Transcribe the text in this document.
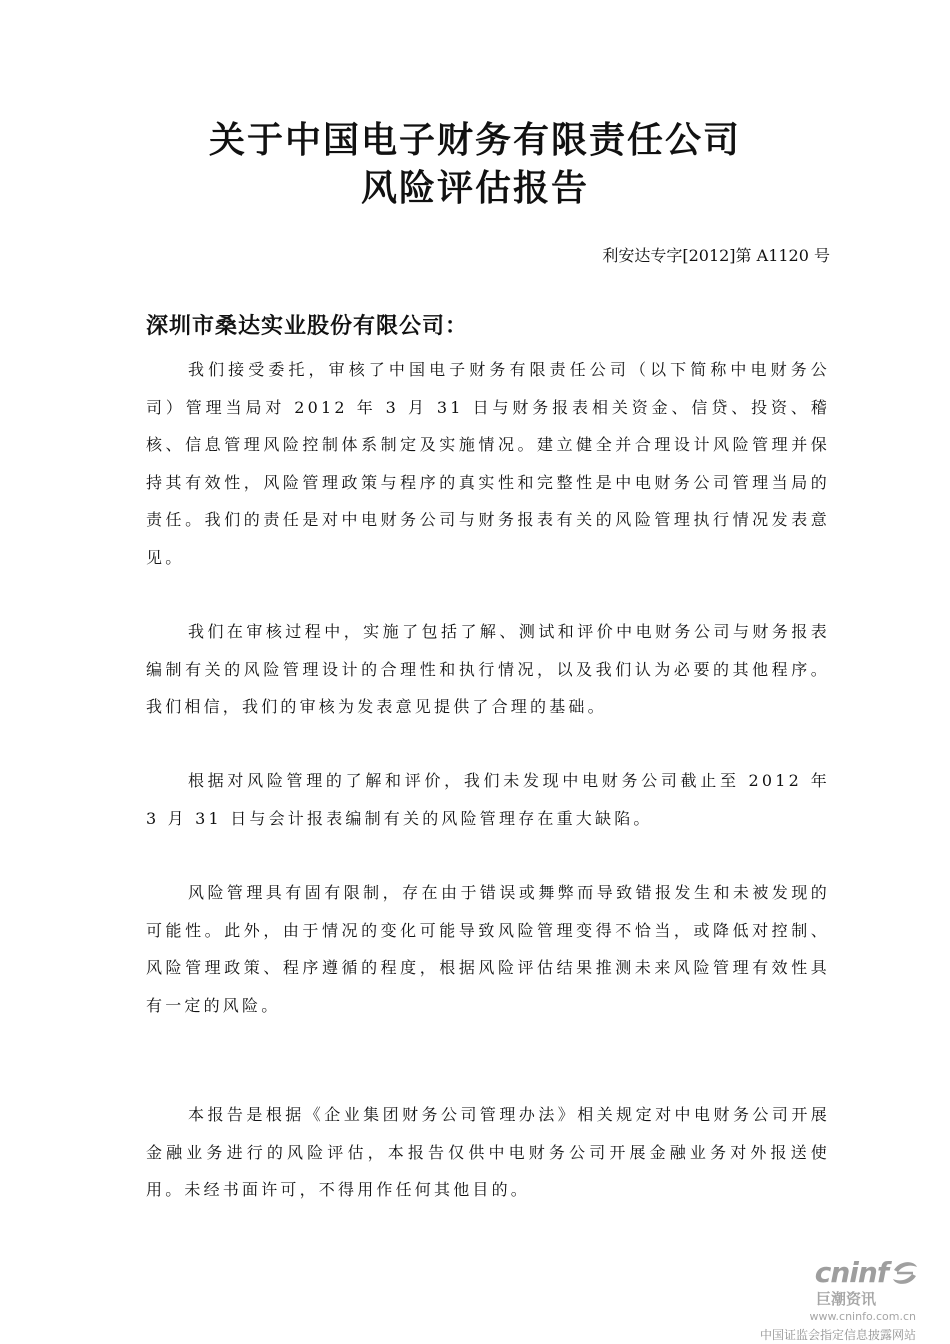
关于中国电子财务有限责任公司
风险评估报告
利安达专字[2012]第 A1120 号
深圳市桑达实业股份有限公司：

我们接受委托，审核了中国电子财务有限责任公司（以下简称中电财务公司）管理当局对 2012 年 3 月 31 日与财务报表相关资金、信贷、投资、稽核、信息管理风险控制体系制定及实施情况。建立健全并合理设计风险管理并保持其有效性，风险管理政策与程序的真实性和完整性是中电财务公司管理当局的责任。我们的责任是对中电财务公司与财务报表有关的风险管理执行情况发表意见。

我们在审核过程中，实施了包括了解、测试和评价中电财务公司与财务报表编制有关的风险管理设计的合理性和执行情况，以及我们认为必要的其他程序。我们相信，我们的审核为发表意见提供了合理的基础。

根据对风险管理的了解和评价，我们未发现中电财务公司截止至 2012 年 3 月 31 日与会计报表编制有关的风险管理存在重大缺陷。

风险管理具有固有限制，存在由于错误或舞弊而导致错报发生和未被发现的可能性。此外，由于情况的变化可能导致风险管理变得不恰当，或降低对控制、风险管理政策、程序遵循的程度，根据风险评估结果推测未来风险管理有效性具有一定的风险。

本报告是根据《企业集团财务公司管理办法》相关规定对中电财务公司开展金融业务进行的风险评估，本报告仅供中电财务公司开展金融业务对外报送使用。未经书面许可，不得用作任何其他目的。

cninf
巨潮资讯
www.cninfo.com.cn
中国证监会指定信息披露网站
